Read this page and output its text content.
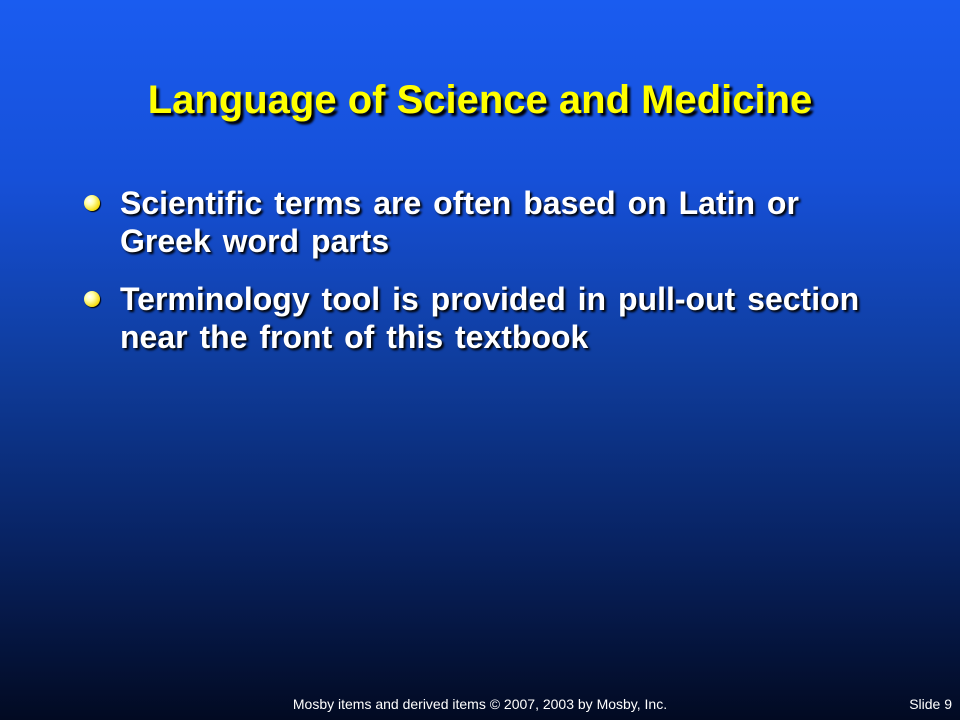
Language of Science and Medicine
Scientific terms are often based on Latin or Greek word parts
Terminology tool is provided in pull-out section near the front of this textbook
Mosby items and derived items © 2007, 2003 by Mosby, Inc.	Slide 9
